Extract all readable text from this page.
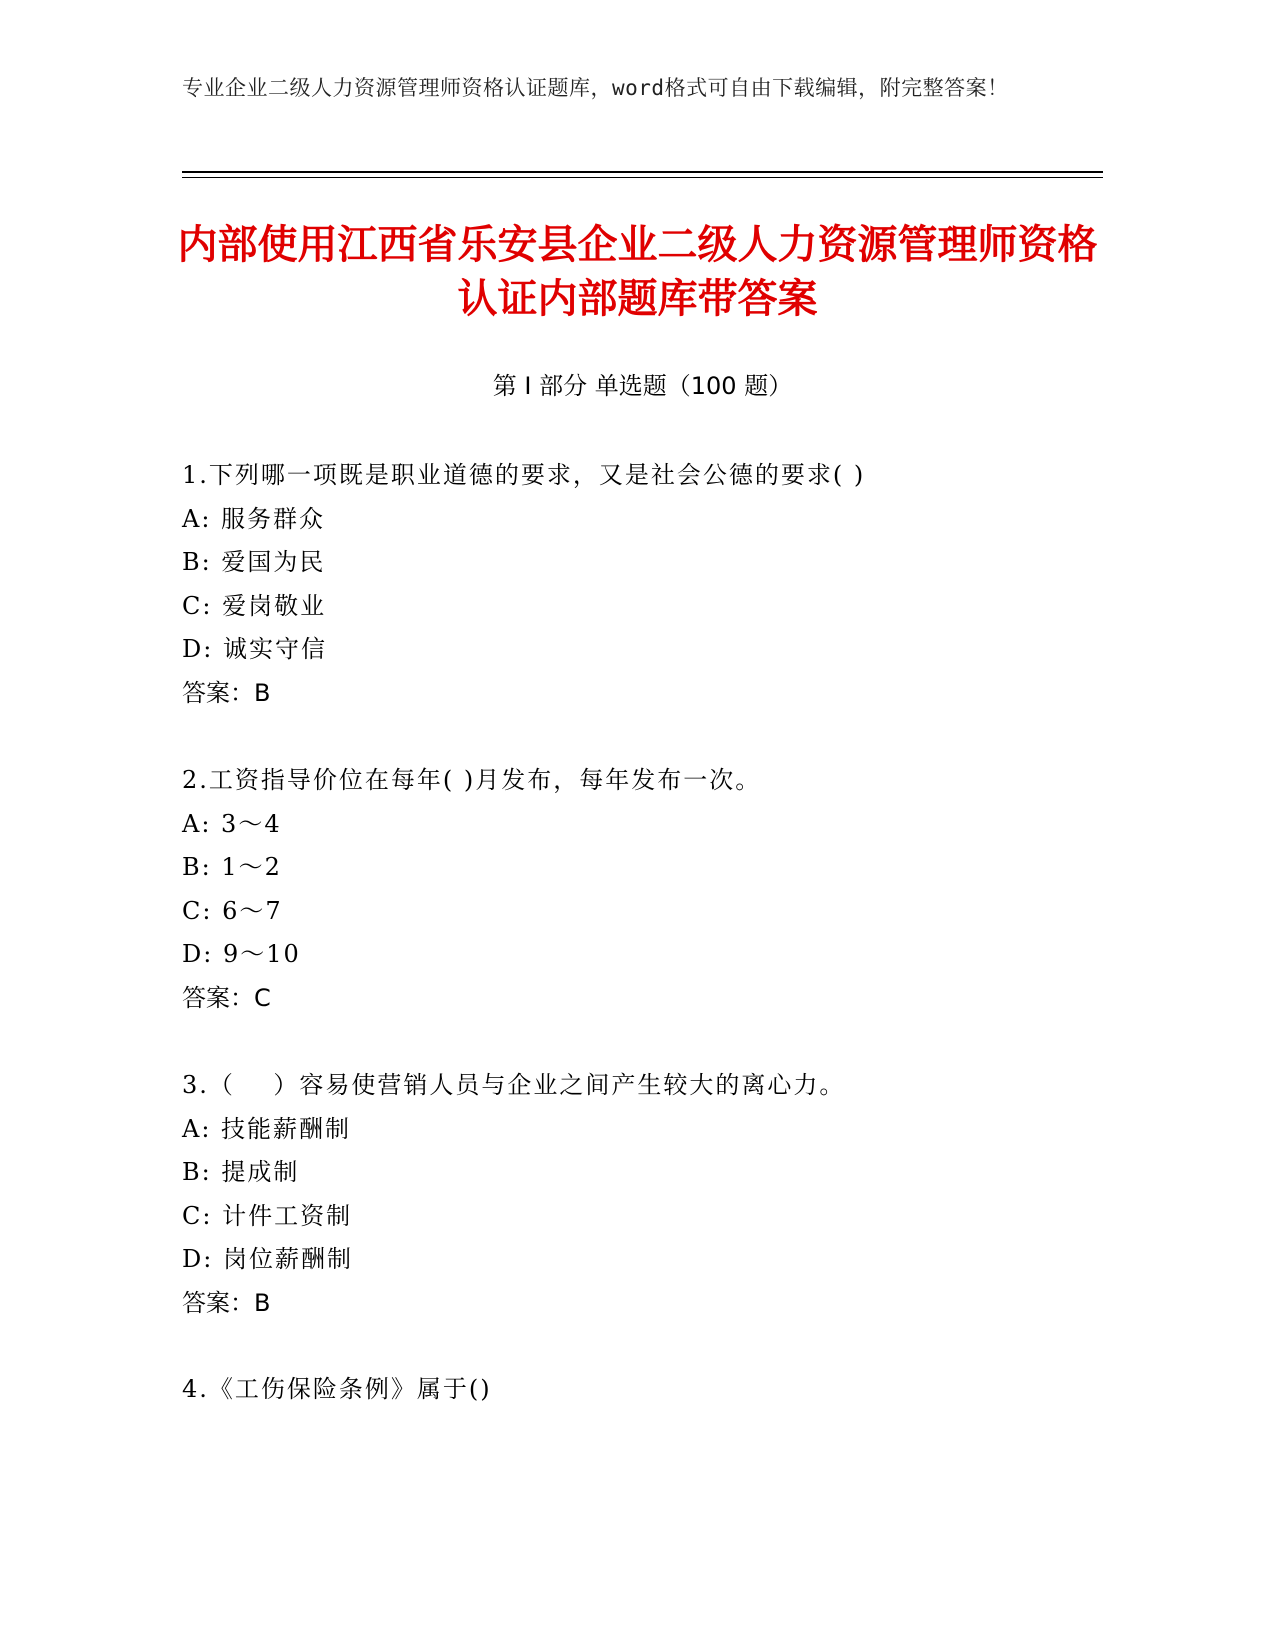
专业企业二级人力资源管理师资格认证题库，word格式可自由下载编辑，附完整答案！
内部使用江西省乐安县企业二级人力资源管理师资格认证内部题库带答案
第 I 部分 单选题（100 题）
1.下列哪一项既是职业道德的要求，又是社会公德的要求( )
A: 服务群众
B: 爱国为民
C: 爱岗敬业
D: 诚实守信
答案：B
2.工资指导价位在每年( )月发布，每年发布一次。
A: 3～4
B: 1～2
C: 6～7
D: 9～10
答案：C
3.（    ）容易使营销人员与企业之间产生较大的离心力。
A: 技能薪酬制
B: 提成制
C: 计件工资制
D: 岗位薪酬制
答案：B
4.《工伤保险条例》属于()
